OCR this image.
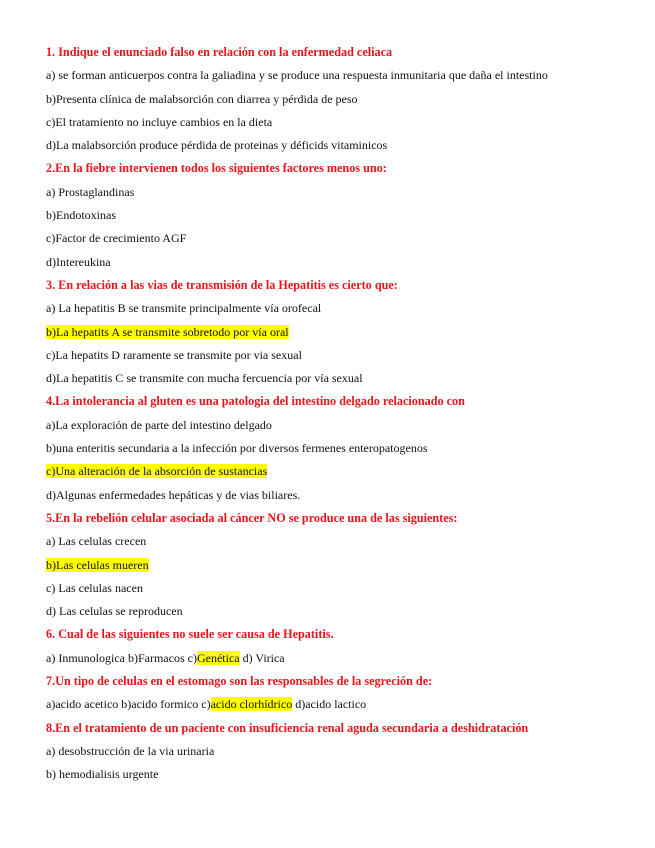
1. Indique el enunciado falso en relación con la enfermedad celiaca

a) se forman anticuerpos contra la galiadina y se produce una respuesta inmunitaria que daña el intestino

b)Presenta clínica de malabsorción con diarrea y pérdida de peso

c)El tratamiento no incluye cambios en la dieta

d)La malabsorción produce pérdida de proteinas y déficids vitaminicos

2.En la fiebre intervienen todos los siguientes factores menos uno:

a) Prostaglandinas

b)Endotoxinas

c)Factor de crecimiento AGF

d)Intereukina

3. En relación a las vias de transmisión de la Hepatitis es cierto que:

a) La hepatitis B se transmite principalmente vía orofecal

b)La hepatits A se transmite sobretodo por vía oral

c)La hepatits D raramente se transmite por via sexual

d)La hepatitis C se transmite con mucha fercuencia por vía sexual

4.La intolerancia al gluten es una patologia del intestino delgado relacionado con

a)La exploración de parte del intestino delgado

b)una enteritis secundaria a la infección por diversos fermenes enteropatogenos

c)Una alteración de la absorción de sustancias

d)Algunas enfermedades hepáticas y de vias biliares.

5.En la rebelión celular asociada al cáncer NO se produce una de las siguientes:

a) Las celulas crecen

b)Las celulas mueren

c) Las celulas nacen

d) Las celulas se reproducen

6. Cual de las siguientes no suele ser causa de Hepatitis.

a) Inmunologica b)Farmacos c)Genética d) Virica

7.Un tipo de celulas en el estomago son las responsables de la segreción de:

a)acido acetico b)acido formico c)acido clorhídrico d)acido lactico

8.En el tratamiento de un paciente con insuficiencia renal aguda secundaria a deshidratación

a) desobstrucción de la via urinaria

b) hemodialisis urgente
